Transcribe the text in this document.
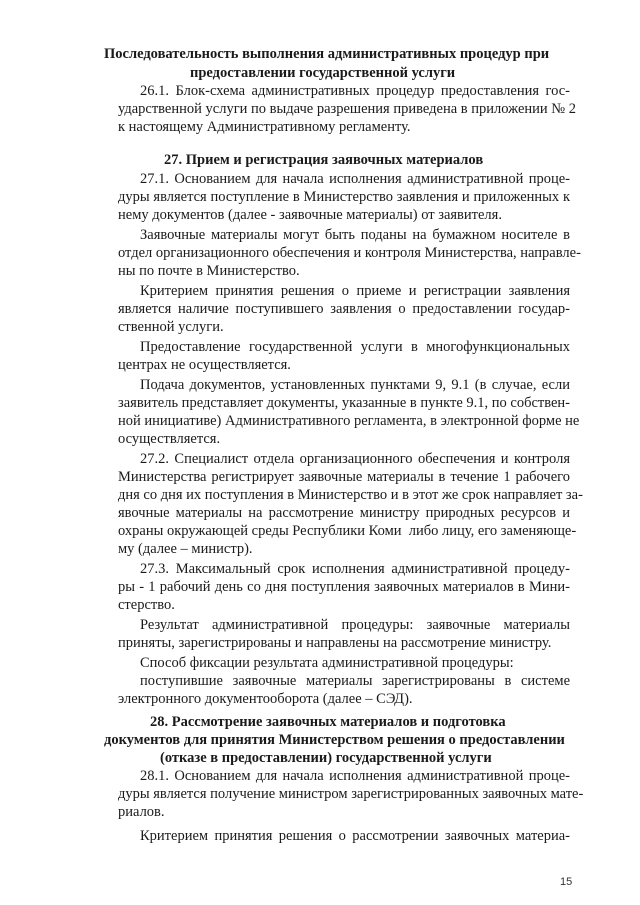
Последовательность выполнения административных процедур при
предоставлении государственной услуги
26.1. Блок-схема административных процедур предоставления гос-
ударственной услуги по выдаче разрешения приведена в приложении № 2
к настоящему Административному регламенту.
27. Прием и регистрация заявочных материалов
27.1. Основанием для начала исполнения административной проце-
дуры является поступление в Министерство заявления и приложенных к
нему документов (далее - заявочные материалы) от заявителя.
Заявочные материалы могут быть поданы на бумажном носителе в
отдел организационного обеспечения и контроля Министерства, направле-
ны по почте в Министерство.
Критерием принятия решения о приеме и регистрации заявления
является наличие поступившего заявления о предоставлении государ-
ственной услуги.
Предоставление государственной услуги в многофункциональных
центрах не осуществляется.
Подача документов, установленных пунктами 9, 9.1 (в случае, если
заявитель представляет документы, указанные в пункте 9.1, по собствен-
ной инициативе) Административного регламента, в электронной форме не
осуществляется.
27.2. Специалист отдела организационного обеспечения и контроля
Министерства регистрирует заявочные материалы в течение 1 рабочего
дня со дня их поступления в Министерство и в этот же срок направляет за-
явочные материалы на рассмотрение министру природных ресурсов и
охраны окружающей среды Республики Коми  либо лицу, его заменяюще-
му (далее – министр).
27.3. Максимальный срок исполнения административной процеду-
ры - 1 рабочий день со дня поступления заявочных материалов в Мини-
стерство.
Результат административной процедуры: заявочные материалы
приняты, зарегистрированы и направлены на рассмотрение министру.
Способ фиксации результата административной процедуры:
поступившие заявочные материалы зарегистрированы в системе
электронного документооборота (далее – СЭД).
28. Рассмотрение заявочных материалов и подготовка
документов для принятия Министерством решения о предоставлении
(отказе в предоставлении) государственной услуги
28.1. Основанием для начала исполнения административной проце-
дуры является получение министром зарегистрированных заявочных мате-
риалов.
Критерием принятия решения о рассмотрении заявочных материа-
15
